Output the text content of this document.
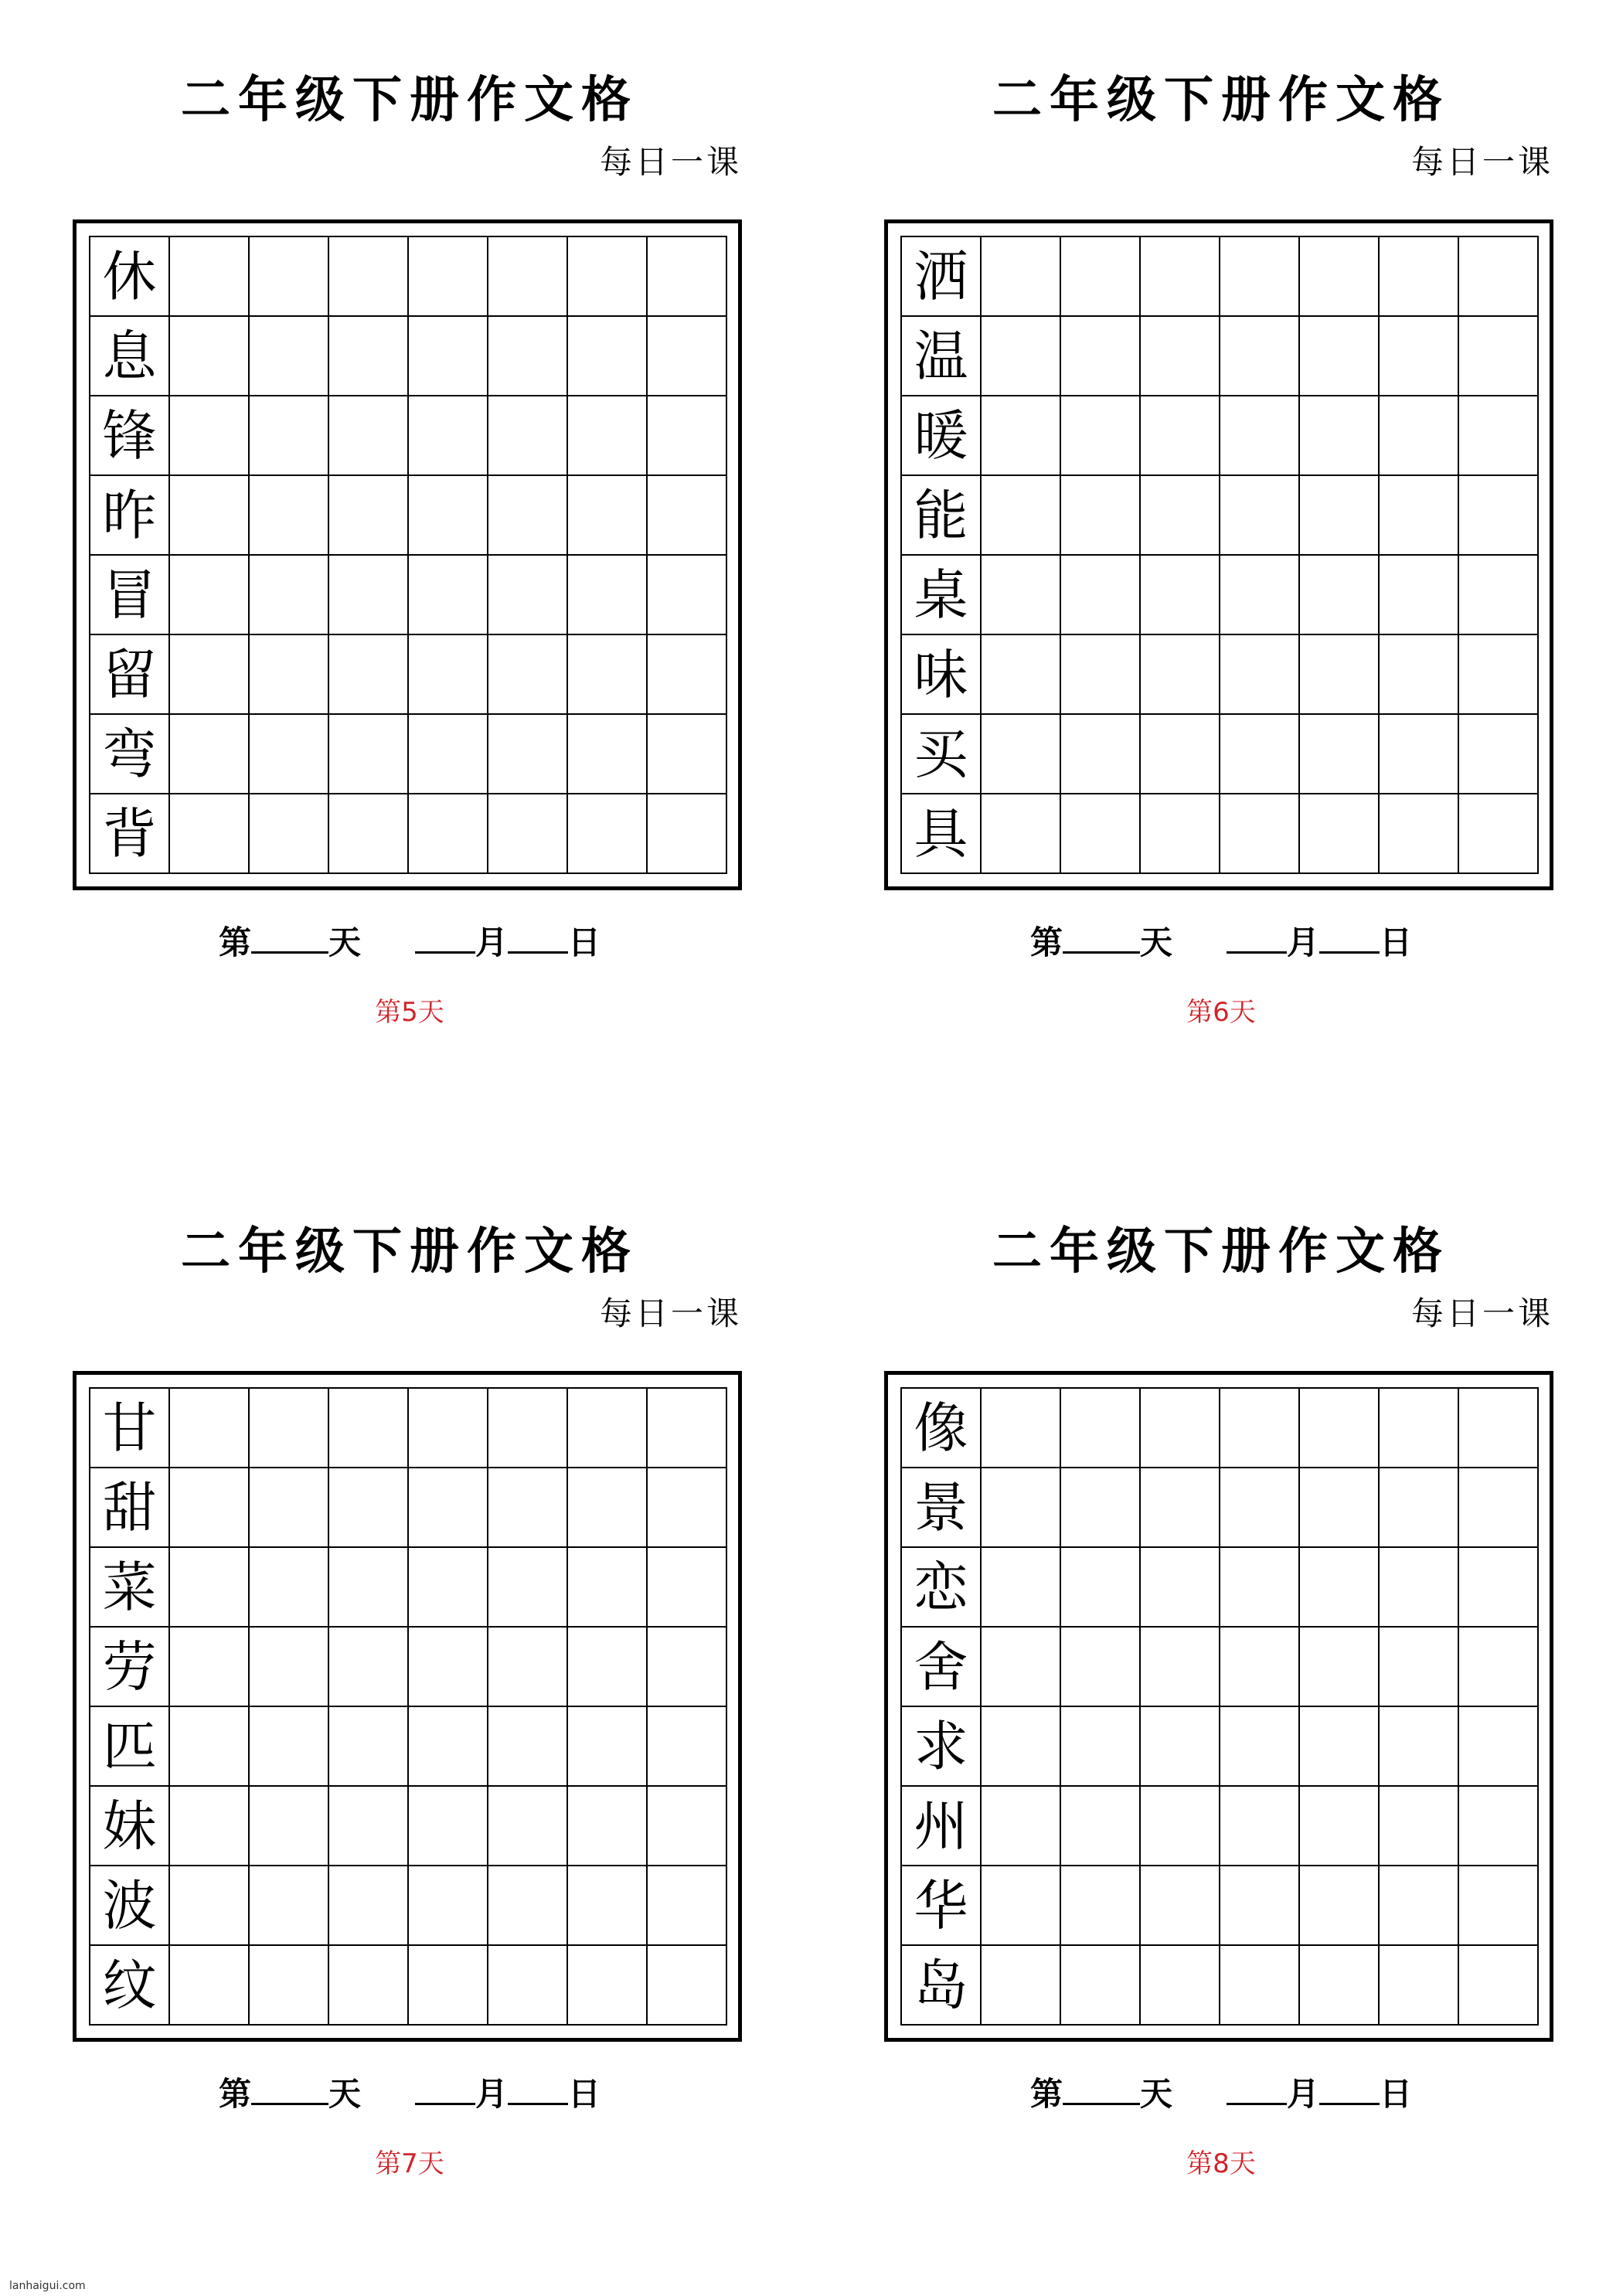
二年级下册作文格
每日一课
休
息
锋
昨
冒
留
弯
背
第 天	月 日
第5天
二年级下册作文格
每日一课
洒
温
暖
能
桌
味
买
具
第 天	月 日
第6天
二年级下册作文格
每日一课
甘
甜
菜
劳
匹
妹
波
纹
第 天	月 日
第7天
二年级下册作文格
每日一课
像
景
恋
舍
求
州
华
岛
第 天	月 日
第8天
lanhaigui.com
